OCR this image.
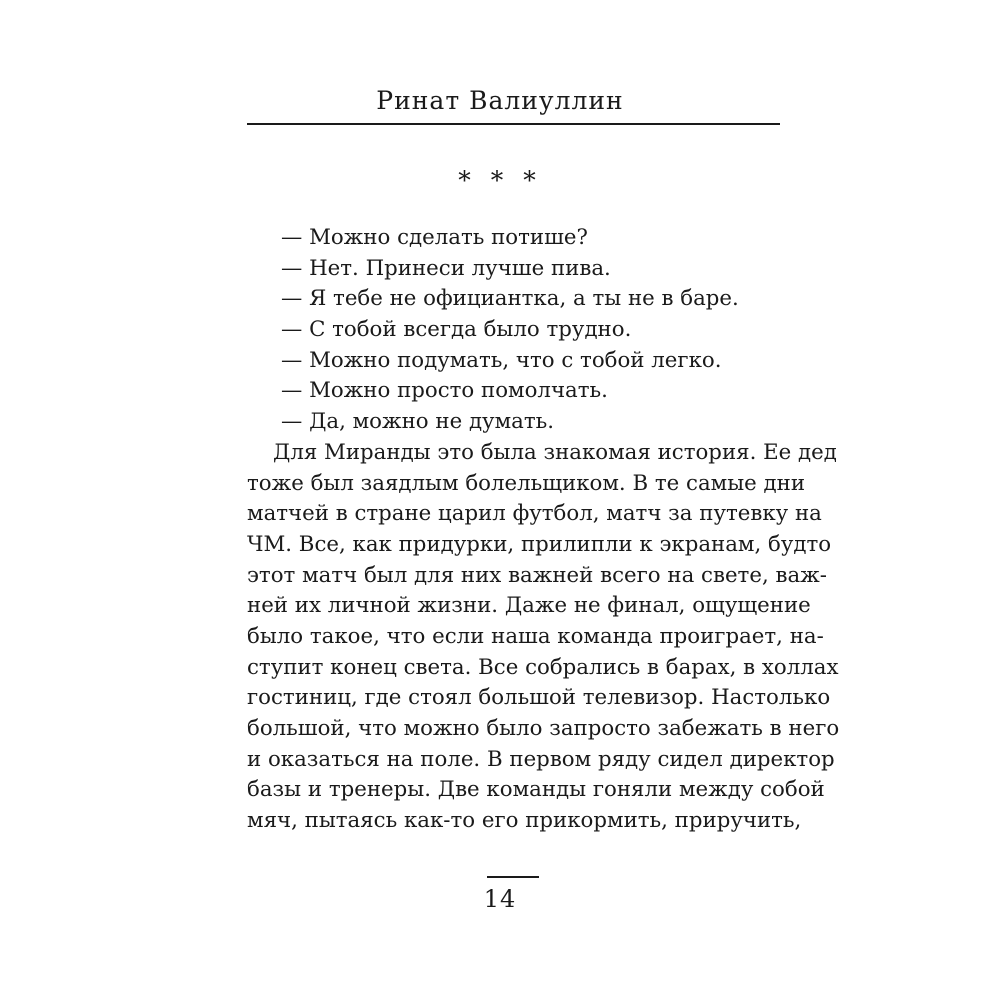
Ринат Валиуллин
* * *
— Можно сделать потише?
— Нет. Принеси лучше пива.
— Я тебе не официантка, а ты не в баре.
— С тобой всегда было трудно.
— Можно подумать, что с тобой легко.
— Можно просто помолчать.
— Да, можно не думать.
Для Миранды это была знакомая история. Ее дед
тоже был заядлым болельщиком. В те самые дни
матчей в стране царил футбол, матч за путевку на
ЧМ. Все, как придурки, прилипли к экранам, будто
этот матч был для них важней всего на свете, важ-
ней их личной жизни. Даже не финал, ощущение
было такое, что если наша команда проиграет, на-
ступит конец света. Все собрались в барах, в холлах
гостиниц, где стоял большой телевизор. Настолько
большой, что можно было запросто забежать в него
и оказаться на поле. В первом ряду сидел директор
базы и тренеры. Две команды гоняли между собой
мяч, пытаясь как-то его прикормить, приручить,
14
